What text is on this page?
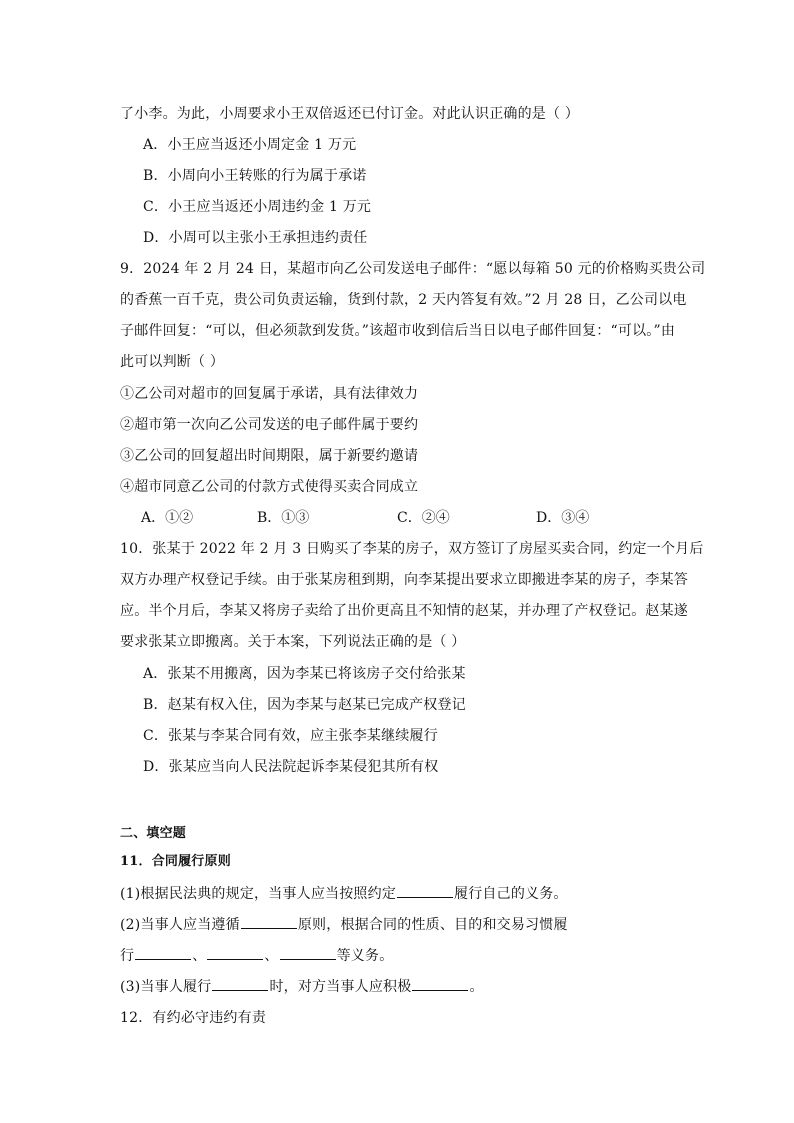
了小李。为此，小周要求小王双倍返还已付订金。对此认识正确的是（ ）
A．小王应当返还小周定金 1 万元
B．小周向小王转账的行为属于承诺
C．小王应当返还小周违约金 1 万元
D．小周可以主张小王承担违约责任
9．2024 年 2 月 24 日，某超市向乙公司发送电子邮件：“愿以每箱 50 元的价格购买贵公司
的香蕉一百千克，贵公司负责运输，货到付款，2 天内答复有效。”2 月 28 日，乙公司以电
子邮件回复：“可以，但必须款到发货。”该超市收到信后当日以电子邮件回复：“可以。”由
此可以判断（ ）
①乙公司对超市的回复属于承诺，具有法律效力
②超市第一次向乙公司发送的电子邮件属于要约
③乙公司的回复超出时间期限，属于新要约邀请
④超市同意乙公司的付款方式使得买卖合同成立
A．①②	B．①③	C．②④	D．③④
10．张某于 2022 年 2 月 3 日购买了李某的房子，双方签订了房屋买卖合同，约定一个月后
双方办理产权登记手续。由于张某房租到期，向李某提出要求立即搬进李某的房子，李某答
应。半个月后，李某又将房子卖给了出价更高且不知情的赵某，并办理了产权登记。赵某遂
要求张某立即搬离。关于本案，下列说法正确的是（ ）
A．张某不用搬离，因为李某已将该房子交付给张某
B．赵某有权入住，因为李某与赵某已完成产权登记
C．张某与李某合同有效，应主张李某继续履行
D．张某应当向人民法院起诉李某侵犯其所有权
二、填空题
11．合同履行原则
(1)根据民法典的规定，当事人应当按照约定	履行自己的义务。
(2)当事人应当遵循	原则，根据合同的性质、目的和交易习惯履
行	、	、	等义务。
(3)当事人履行	时，对方当事人应积极	。
12．有约必守违约有责
